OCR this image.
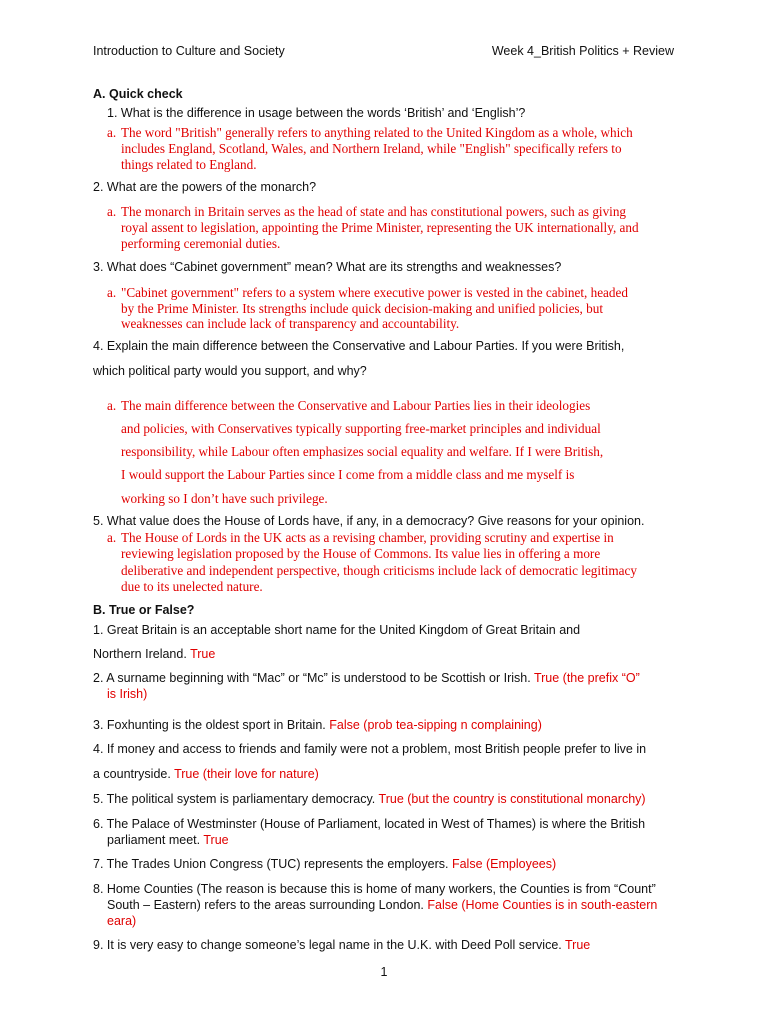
Introduction to Culture and Society	Week 4_British Politics + Review
A. Quick check
1. What is the difference in usage between the words ‘British’ and ‘English’?
a. The word "British" generally refers to anything related to the United Kingdom as a whole, which
includes England, Scotland, Wales, and Northern Ireland, while "English" specifically refers to
things related to England.
2. What are the powers of the monarch?
a. The monarch in Britain serves as the head of state and has constitutional powers, such as giving
royal assent to legislation, appointing the Prime Minister, representing the UK internationally, and
performing ceremonial duties.
3. What does “Cabinet government” mean? What are its strengths and weaknesses?
a. "Cabinet government" refers to a system where executive power is vested in the cabinet, headed
by the Prime Minister. Its strengths include quick decision-making and unified policies, but
weaknesses can include lack of transparency and accountability.
4. Explain the main difference between the Conservative and Labour Parties. If you were British,
which political party would you support, and why?
a. The main difference between the Conservative and Labour Parties lies in their ideologies
and policies, with Conservatives typically supporting free-market principles and individual
responsibility, while Labour often emphasizes social equality and welfare. If I were British,
I would support the Labour Parties since I come from a middle class and me myself is
working so I don’t have such privilege.
5. What value does the House of Lords have, if any, in a democracy? Give reasons for your opinion.
a. The House of Lords in the UK acts as a revising chamber, providing scrutiny and expertise in
reviewing legislation proposed by the House of Commons. Its value lies in offering a more
deliberative and independent perspective, though criticisms include lack of democratic legitimacy
due to its unelected nature.
B. True or False?
1. Great Britain is an acceptable short name for the United Kingdom of Great Britain and
Northern Ireland. True
2. A surname beginning with “Mac” or “Mc” is understood to be Scottish or Irish. True (the prefix “O”
is Irish)
3. Foxhunting is the oldest sport in Britain. False (prob tea-sipping n complaining)
4. If money and access to friends and family were not a problem, most British people prefer to live in
a countryside. True (their love for nature)
5. The political system is parliamentary democracy. True (but the country is constitutional monarchy)
6. The Palace of Westminster (House of Parliament, located in West of Thames) is where the British
parliament meet. True
7. The Trades Union Congress (TUC) represents the employers. False (Employees)
8. Home Counties (The reason is because this is home of many workers, the Counties is from “Count”
South – Eastern) refers to the areas surrounding London. False (Home Counties is in south-eastern
eara)
9. It is very easy to change someone’s legal name in the U.K. with Deed Poll service. True
1
